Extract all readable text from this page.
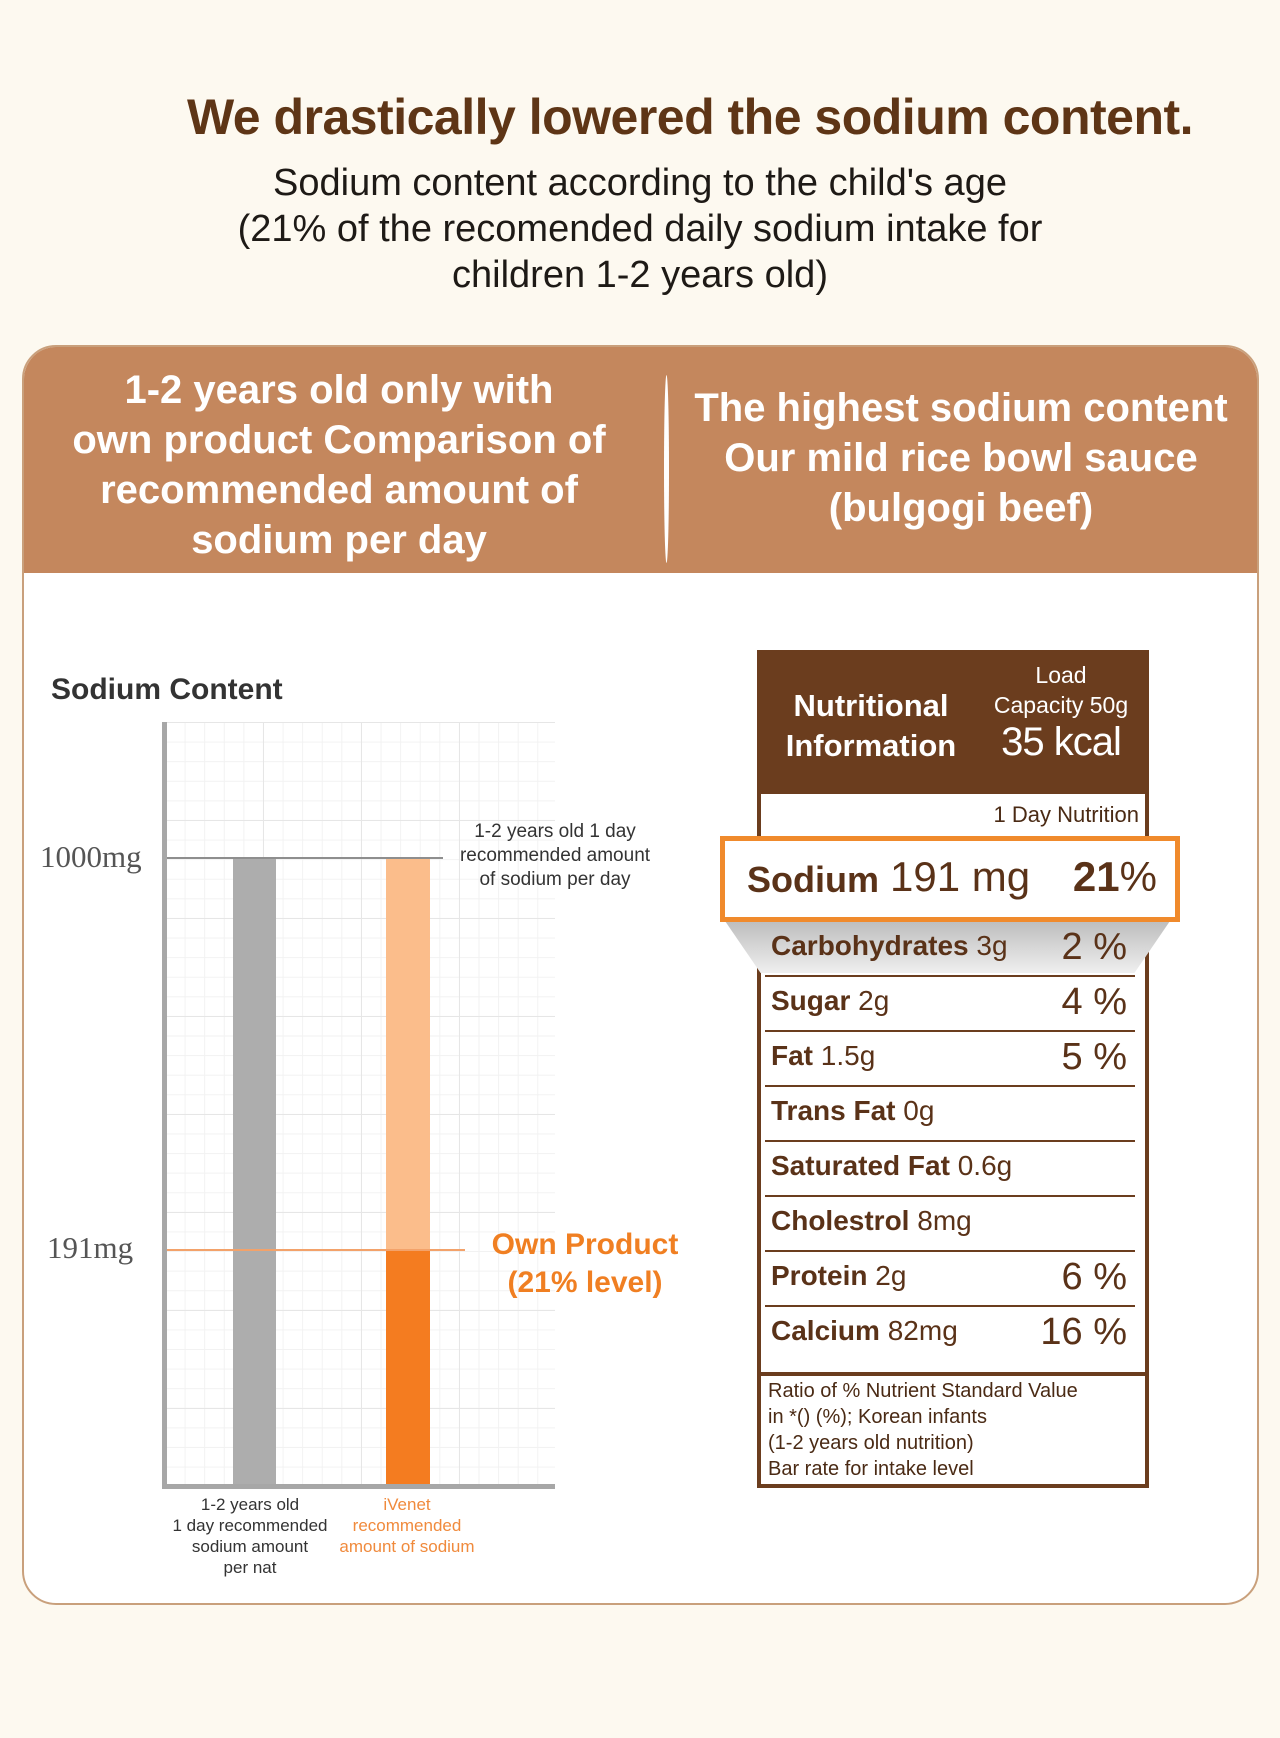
We drastically lowered the sodium content.
Sodium content according to the child's age
(21% of the recomended daily sodium intake for
children 1-2 years old)
1-2 years old only with
own product Comparison of
recommended amount of
sodium per day
The highest sodium content
Our mild rice bowl sauce
(bulgogi beef)
Sodium Content
1000mg
191mg
1-2 years old 1 day
recommended amount
of sodium per day
Own Product
(21% level)
1-2 years old
1 day recommended
sodium amount
per nat
iVenet
recommended
amount of sodium
Nutritional
Information
Load
Capacity 50g
35 kcal
1 Day Nutrition
Carbohydrates 3g 2 %
Sugar 2g	4 %
Fat 1.5g	5 %
Trans Fat 0g
Saturated Fat 0.6g
Cholestrol 8mg
Protein 2g	6 %
Calcium 82mg 16 %
Ratio of % Nutrient Standard Value
in *() (%); Korean infants
(1-2 years old nutrition)
Bar rate for intake level
Sodium 191 mg 21%
